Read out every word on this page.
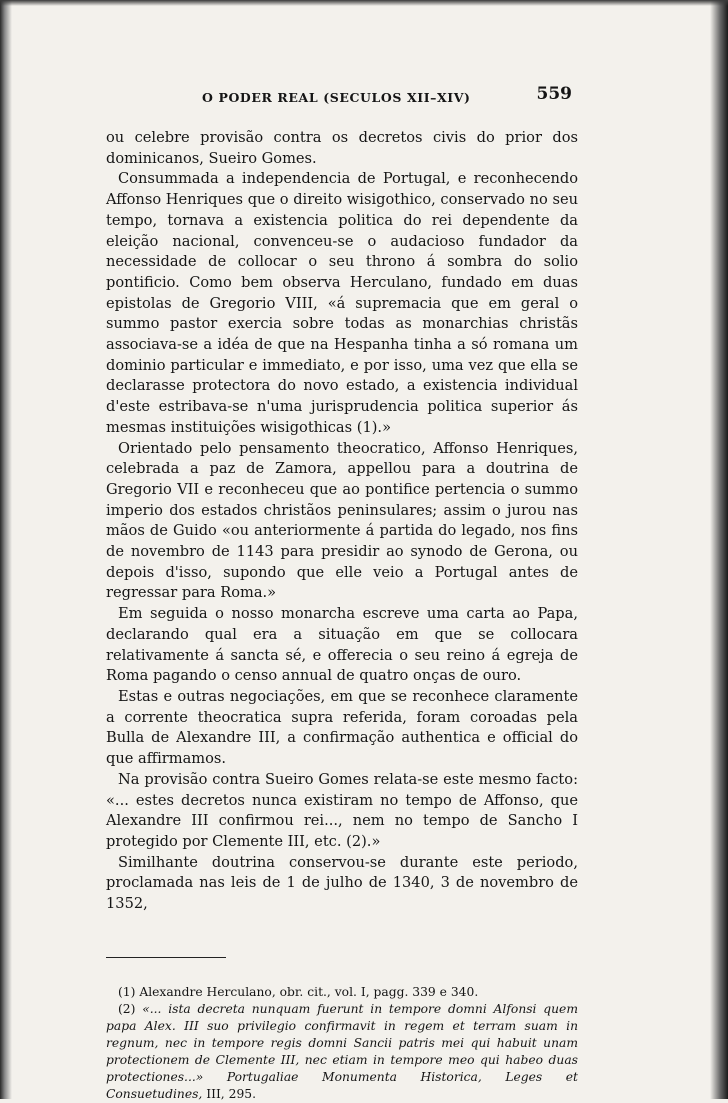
O PODER REAL (SECULOS XII–XIV)	559

ou celebre provisão contra os decretos civis do prior dos dominicanos, Sueiro Gomes.

Consummada a independencia de Portugal, e reconhecendo Affonso Henriques que o direito wisigothico, conservado no seu tempo, tornava a existencia politica do rei dependente da eleição nacional, convenceu-se o audacioso fundador da necessidade de collocar o seu throno á sombra do solio pontificio. Como bem observa Herculano, fundado em duas epistolas de Gregorio VIII, «á supremacia que em geral o summo pastor exercia sobre todas as monarchias christãs associava-se a idéa de que na Hespanha tinha a só romana um dominio particular e immediato, e por isso, uma vez que ella se declarasse protectora do novo estado, a existencia individual d'este estribava-se n'uma jurisprudencia politica superior ás mesmas instituições wisigothicas (1).»

Orientado pelo pensamento theocratico, Affonso Henriques, celebrada a paz de Zamora, appellou para a doutrina de Gregorio VII e reconheceu que ao pontifice pertencia o summo imperio dos estados christãos peninsulares; assim o jurou nas mãos de Guido «ou anteriormente á partida do legado, nos fins de novembro de 1143 para presidir ao synodo de Gerona, ou depois d'isso, supondo que elle veio a Portugal antes de regressar para Roma.»

Em seguida o nosso monarcha escreve uma carta ao Papa, declarando qual era a situação em que se collocara relativamente á sancta sé, e offerecia o seu reino á egreja de Roma pagando o censo annual de quatro onças de ouro.

Estas e outras negociações, em que se reconhece claramente a corrente theocratica supra referida, foram coroadas pela Bulla de Alexandre III, a confirmação authentica e official do que affirmamos.

Na provisão contra Sueiro Gomes relata-se este mesmo facto: «... estes decretos nunca existiram no tempo de Affonso, que Alexandre III confirmou rei..., nem no tempo de Sancho I protegido por Clemente III, etc. (2).»

Similhante doutrina conservou-se durante este periodo, proclamada nas leis de 1 de julho de 1340, 3 de novembro de 1352,

(1) Alexandre Herculano, obr. cit., vol. I, pagg. 339 e 340.

(2) «... ista decreta nunquam fuerunt in tempore domni Alfonsi quem papa Alex. III suo privilegio confirmavit in regem et terram suam in regnum, nec in tempore regis domni Sancii patris mei qui habuit unam protectionem de Clemente III, nec etiam in tempore meo qui habeo duas protectiones...» Portugaliae Monumenta Historica, Leges et Consuetudines, III, 295.
